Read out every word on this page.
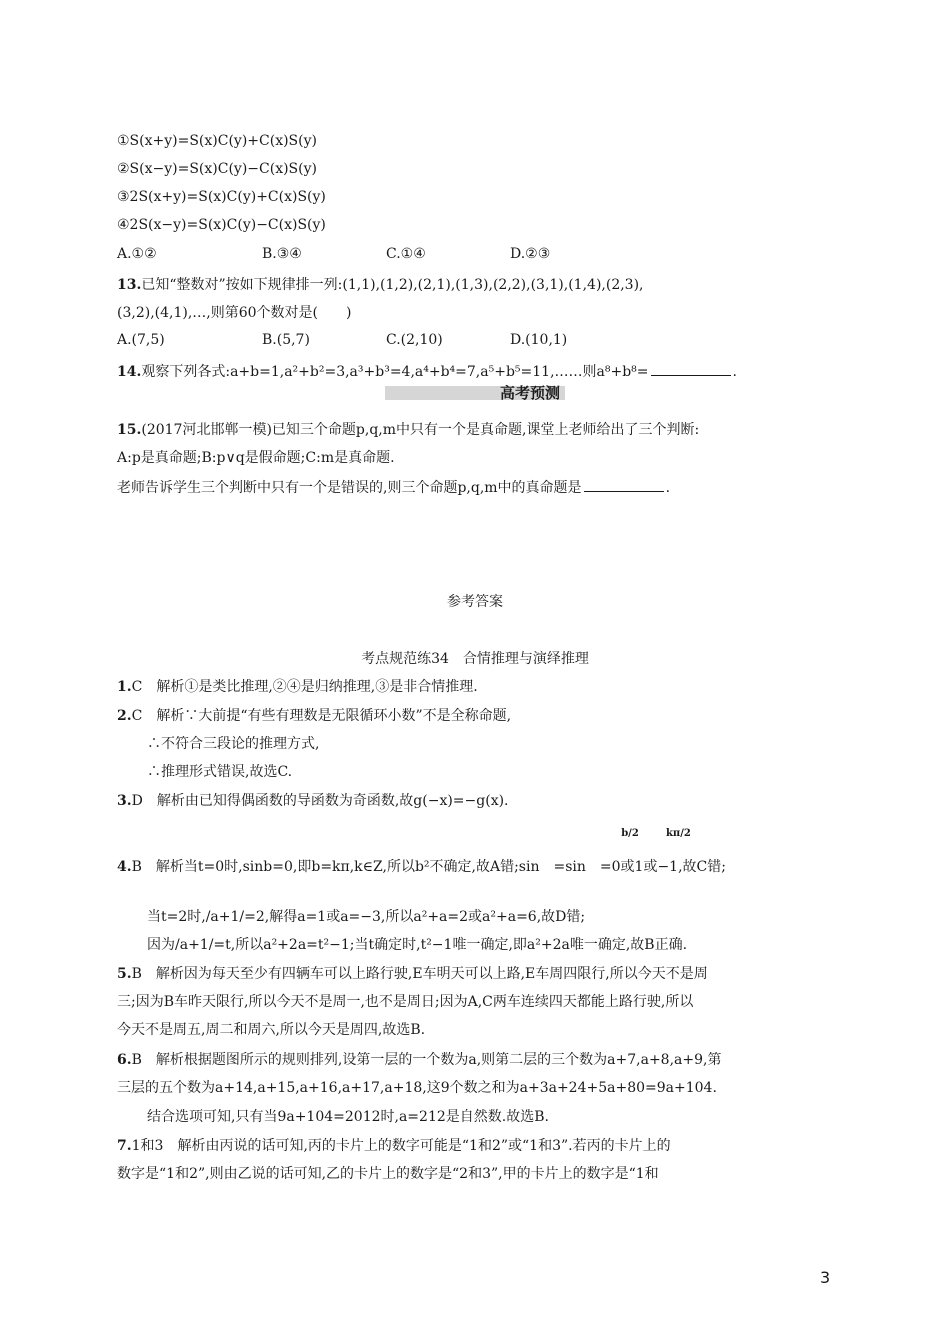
①S(x+y)=S(x)C(y)+C(x)S(y)
②S(x−y)=S(x)C(y)−C(x)S(y)
③2S(x+y)=S(x)C(y)+C(x)S(y)
④2S(x−y)=S(x)C(y)−C(x)S(y)
A.①②	B.③④	C.①④	D.②③
13.已知“整数对”按如下规律排一列:(1,1),(1,2),(2,1),(1,3),(2,2),(3,1),(1,4),(2,3),
(3,2),(4,1),…,则第60个数对是(　　)
A.(7,5)	B.(5,7)	C.(2,10)	D.(10,1)
14.观察下列各式:a+b=1,a²+b²=3,a³+b³=4,a⁴+b⁴=7,a⁵+b⁵=11,……则a⁸+b⁸=	.
高考预测
15.(2017河北邯郸一模)已知三个命题p,q,m中只有一个是真命题,课堂上老师给出了三个判断:
A:p是真命题;B:p∨q是假命题;C:m是真命题.
老师告诉学生三个判断中只有一个是错误的,则三个命题p,q,m中的真命题是	.
参考答案
考点规范练34　合情推理与演绎推理
1.C　解析①是类比推理,②④是归纳推理,③是非合情推理.
2.C　解析∵大前提“有些有理数是无限循环小数”不是全称命题,
∴不符合三段论的推理方式,
∴推理形式错误,故选C.
3.D　解析由已知得偶函数的导函数为奇函数,故g(−x)=−g(x).
b/2	kπ/2
4.B　解析当t=0时,sinb=0,即b=kπ,k∈Z,所以b²不确定,故A错;sin　=sin　=0或1或−1,故C错;
当t=2时,/a+1/=2,解得a=1或a=−3,所以a²+a=2或a²+a=6,故D错;
因为/a+1/=t,所以a²+2a=t²−1;当t确定时,t²−1唯一确定,即a²+2a唯一确定,故B正确.
5.B　解析因为每天至少有四辆车可以上路行驶,E车明天可以上路,E车周四限行,所以今天不是周
三;因为B车昨天限行,所以今天不是周一,也不是周日;因为A,C两车连续四天都能上路行驶,所以
今天不是周五,周二和周六,所以今天是周四,故选B.
6.B　解析根据题图所示的规则排列,设第一层的一个数为a,则第二层的三个数为a+7,a+8,a+9,第
三层的五个数为a+14,a+15,a+16,a+17,a+18,这9个数之和为a+3a+24+5a+80=9a+104.
结合选项可知,只有当9a+104=2012时,a=212是自然数.故选B.
7.1和3　解析由丙说的话可知,丙的卡片上的数字可能是“1和2”或“1和3”.若丙的卡片上的
数字是“1和2”,则由乙说的话可知,乙的卡片上的数字是“2和3”,甲的卡片上的数字是“1和
3
